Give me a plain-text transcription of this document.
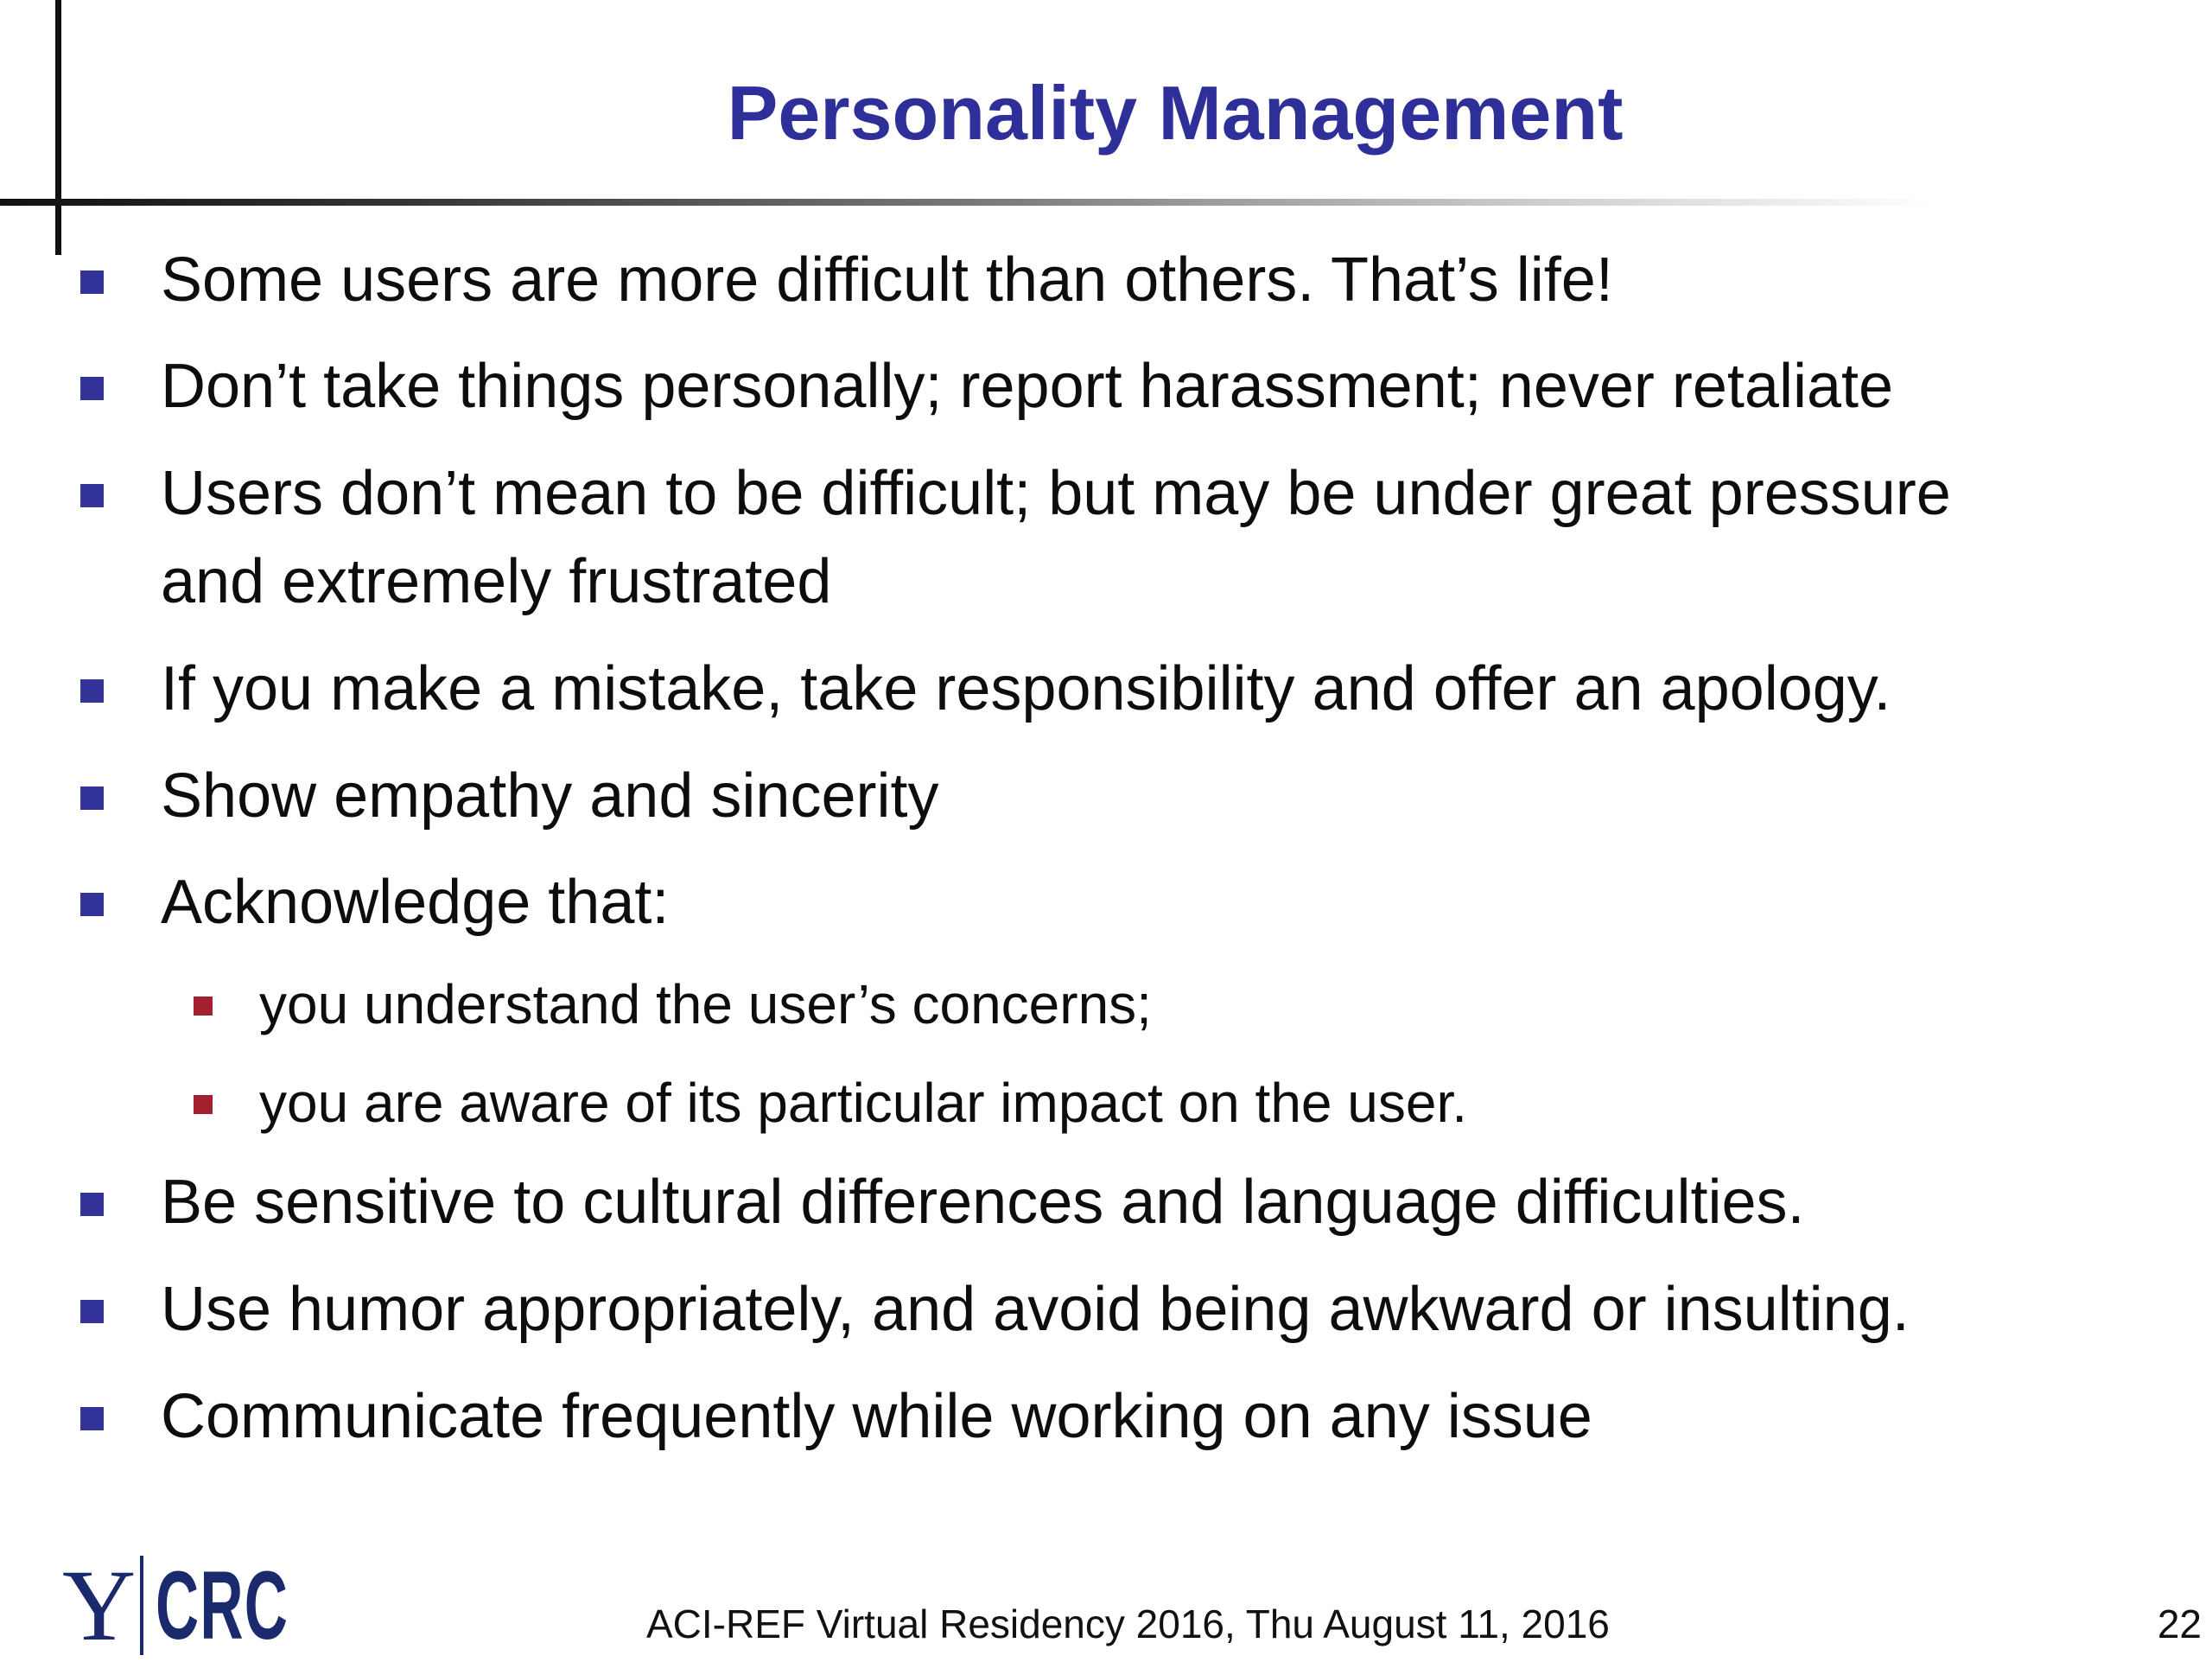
Personality Management
Some users are more difficult than others. That’s life!
Don’t take things personally; report harassment; never retaliate
Users don’t mean to be difficult; but may be under great pressure
and extremely frustrated
If you make a mistake, take responsibility and offer an apology.
Show empathy and sincerity
Acknowledge that:
you understand the user’s concerns;
you are aware of its particular impact on the user.
Be sensitive to cultural differences and language difficulties.
Use humor appropriately, and avoid being awkward or insulting.
Communicate frequently while working on any issue
Y CRC	ACI-REF Virtual Residency 2016, Thu August 11, 2016	22
